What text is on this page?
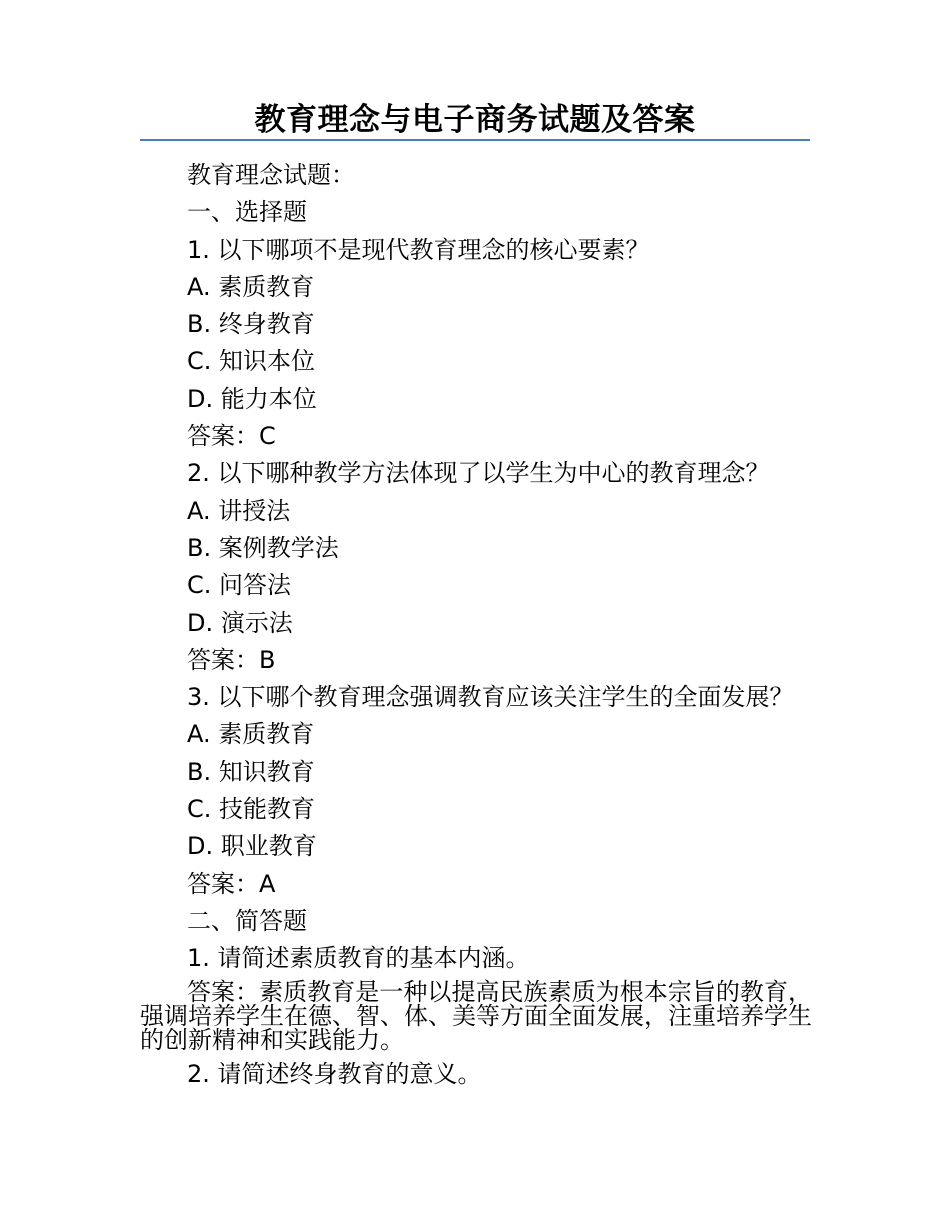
教育理念与电子商务试题及答案
教育理念试题：
一、选择题
1. 以下哪项不是现代教育理念的核心要素？
A. 素质教育
B. 终身教育
C. 知识本位
D. 能力本位
答案：C
2. 以下哪种教学方法体现了以学生为中心的教育理念？
A. 讲授法
B. 案例教学法
C. 问答法
D. 演示法
答案：B
3. 以下哪个教育理念强调教育应该关注学生的全面发展？
A. 素质教育
B. 知识教育
C. 技能教育
D. 职业教育
答案：A
二、简答题
1. 请简述素质教育的基本内涵。
答案：素质教育是一种以提高民族素质为根本宗旨的教育，强调培养学生在德、智、体、美等方面全面发展，注重培养学生的创新精神和实践能力。
2. 请简述终身教育的意义。
